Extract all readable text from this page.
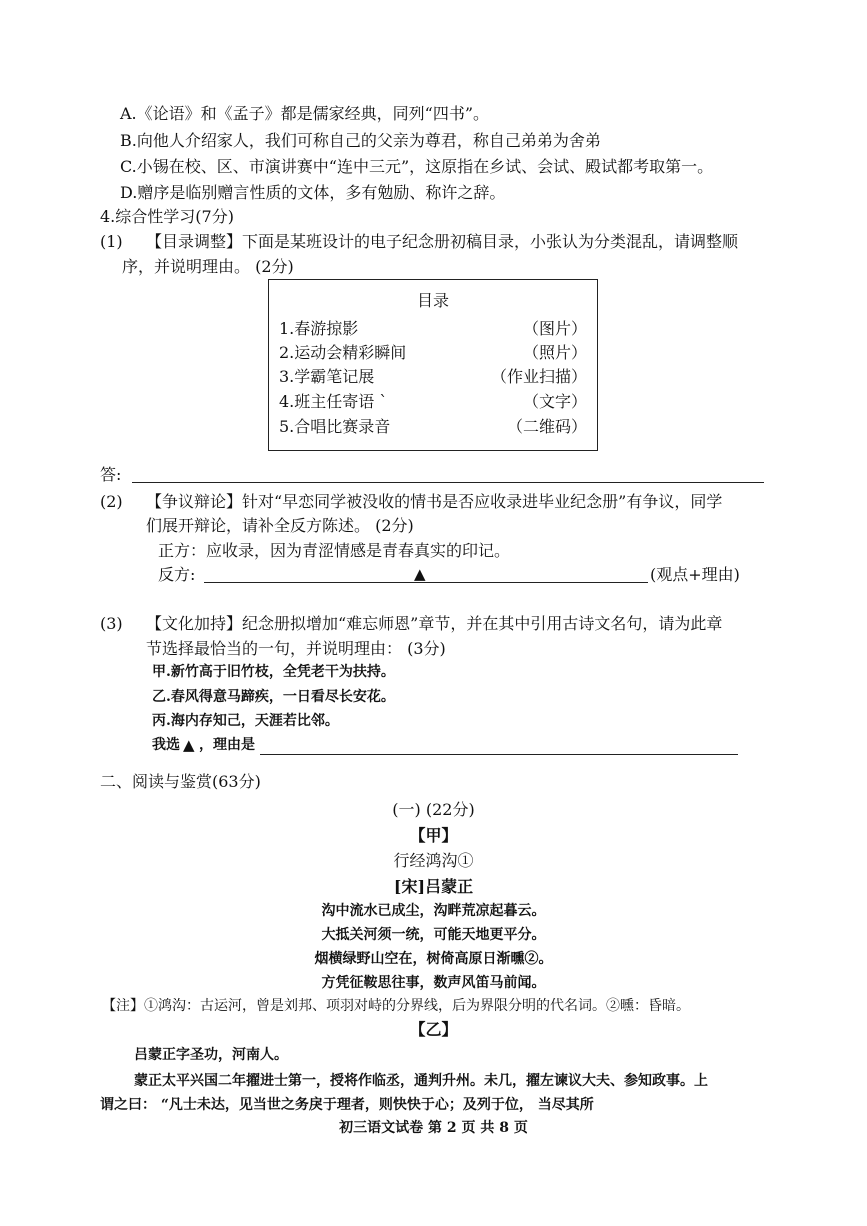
A.《论语》和《孟子》都是儒家经典，同列“四书”。
B.向他人介绍家人，我们可称自己的父亲为尊君，称自己弟弟为舍弟
C.小锡在校、区、市演讲赛中“连中三元”，这原指在乡试、会试、殿试都考取第一。
D.赠序是临别赠言性质的文体，多有勉励、称许之辞。
4.综合性学习(7分)
(1) 【目录调整】下面是某班设计的电子纪念册初稿目录，小张认为分类混乱，请调整顺
序，并说明理由。 (2分)
目录
1.春游掠影	（图片）
2.运动会精彩瞬间	（照片）
3.学霸笔记展	（作业扫描）
4.班主任寄语 `	（文字）
5.合唱比赛录音	（二维码）
答:
(2) 【争议辩论】针对“早恋同学被没收的情书是否应收录进毕业纪念册”有争议，同学
们展开辩论，请补全反方陈述。 (2分)
正方：应收录，因为青涩情感是青春真实的印记。
反方:	▲	(观点+理由)
(3) 【文化加持】纪念册拟增加“难忘师恩”章节，并在其中引用古诗文名句，请为此章
节选择最恰当的一句，并说明理由： (3分)
甲.新竹高于旧竹枝，全凭老干为扶持。
乙.春风得意马蹄疾，一日看尽长安花。
丙.海内存知己，天涯若比邻。
我选 ▲ ，理由是
二、阅读与鉴赏(63分)
(一) (22分)
【甲】
行经鸿沟①
[宋]吕蒙正
沟中流水已成尘，沟畔荒凉起暮云。
大抵关河须一统，可能天地更平分。
烟横绿野山空在，树倚高原日渐曛②。
方凭征鞍思往事，数声风笛马前闻。
【注】①鸿沟：古运河，曾是刘邦、项羽对峙的分界线，后为界限分明的代名词。②曛：昏暗。
【乙】
吕蒙正字圣功，河南人。
蒙正太平兴国二年擢进士第一，授将作临丞，通判升州。未几，擢左谏议大夫、参知政事。上
谓之曰： “凡士未达，见当世之务戾于理者，则快快于心；及列于位， 当尽其所
初三语文试卷 第 2 页 共 8 页
